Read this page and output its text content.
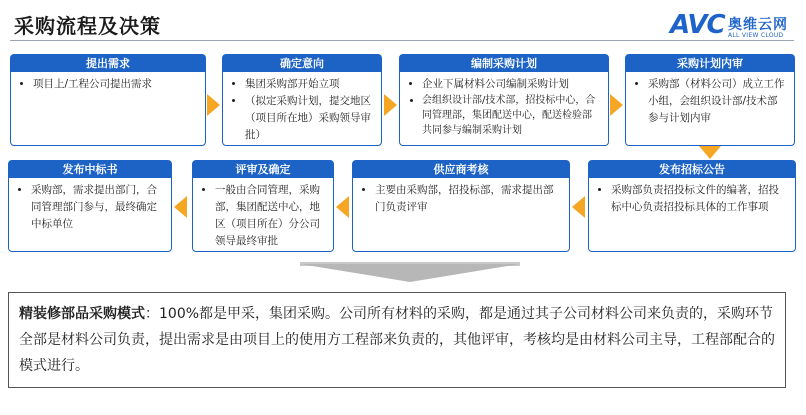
采购流程及决策	AVC 奥维云网
ALL VIEW CLOUD
提出需求
• 项目上/工程公司提出需求
确定意向
• 集团采购部开始立项
• （拟定采购计划，提交地区（项目所在地）采购领导审批）
编制采购计划
• 企业下属材料公司编制采购计划
• 会组织设计部/技术部，招投标中心，合同管理部，集团配送中心，配送检验部共同参与编制采购计划
采购计划内审
• 采购部（材料公司）成立工作小组，会组织设计部/技术部参与计划内审
发布招标公告
• 采购部负责招投标文件的编著，招投标中心负责招投标具体的工作事项
供应商考核
• 主要由采购部，招投标部，需求提出部门负责评审
评审及确定
• 一般由合同管理，采购部，集团配送中心，地区（项目所在）分公司领导最终审批
发布中标书
• 采购部，需求提出部门，合同管理部门参与，最终确定中标单位
精装修部品采购模式：100%都是甲采，集团采购。公司所有材料的采购，都是通过其子公司材料公司来负责的，采购环节全部是材料公司负责，提出需求是由项目上的使用方工程部来负责的，其他评审，考核均是由材料公司主导，工程部配合的模式进行。
